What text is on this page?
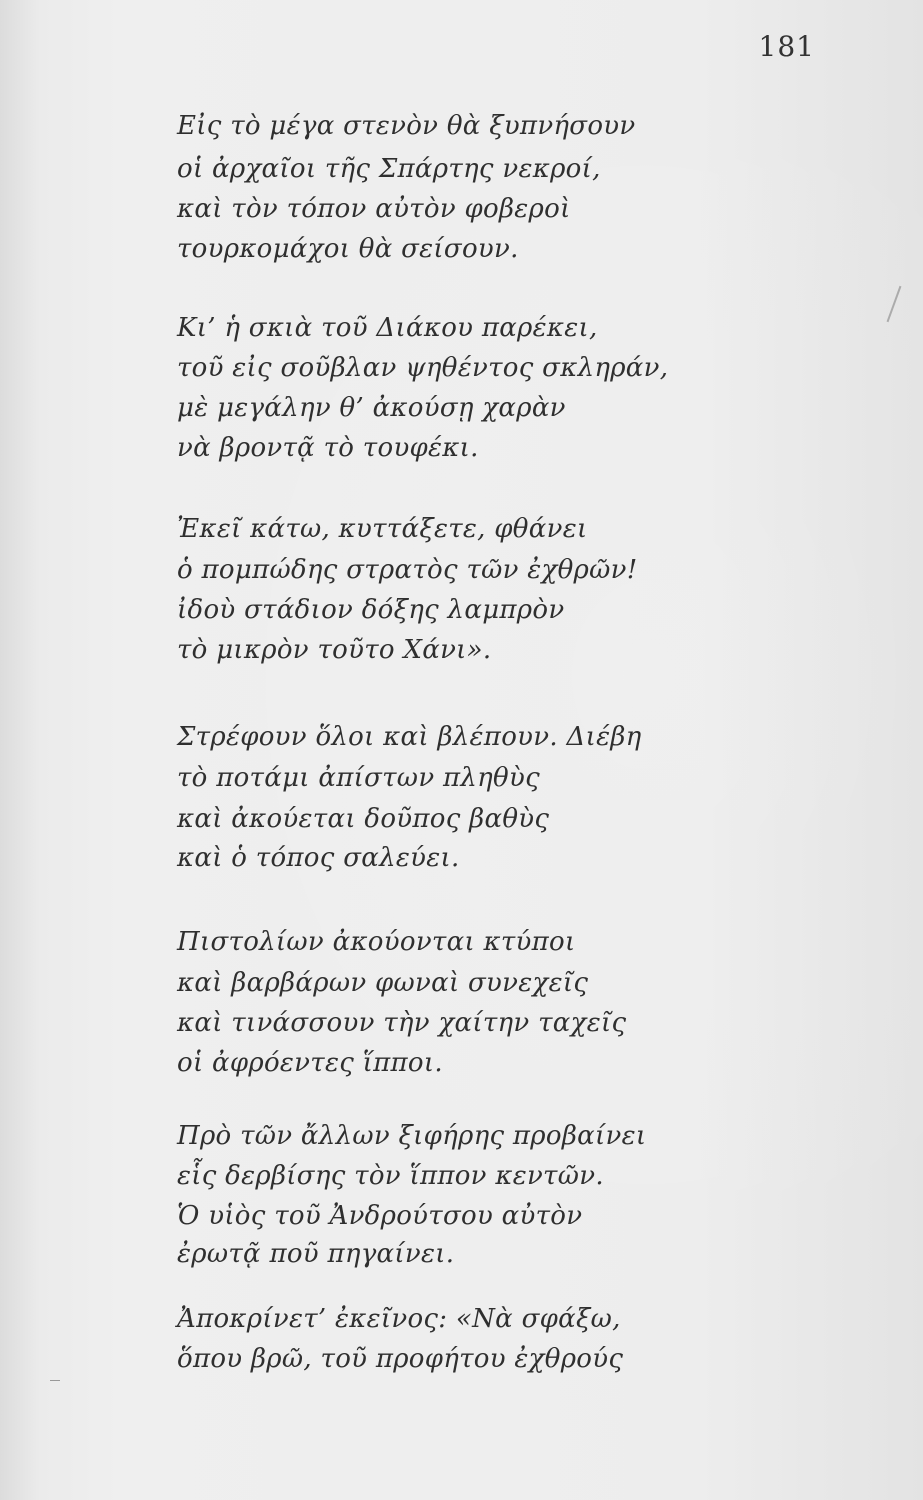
181
Εἰς τὸ μέγα στενὸν θὰ ξυπνήσουν
οἱ ἀρχαῖοι τῆς Σπάρτης νεκροί,
καὶ τὸν τόπον αὐτὸν φοβεροὶ
τουρκομάχοι θὰ σείσουν.
Κι’ ἡ σκιὰ τοῦ Διάκου παρέκει,
τοῦ εἰς σοῦβλαν ψηθέντος σκληράν,
μὲ μεγάλην θ’ ἀκούσῃ χαρὰν
νὰ βροντᾷ τὸ τουφέκι.
Ἐκεῖ κάτω, κυττάξετε, φθάνει
ὁ πομπώδης στρατὸς τῶν ἐχθρῶν!
ἰδοὺ στάδιον δόξης λαμπρὸν
τὸ μικρὸν τοῦτο Χάνι».
Στρέφουν ὅλοι καὶ βλέπουν. Διέβη
τὸ ποτάμι ἀπίστων πληθὺς
καὶ ἀκούεται δοῦπος βαθὺς
καὶ ὁ τόπος σαλεύει.
Πιστολίων ἀκούονται κτύποι
καὶ βαρβάρων φωναὶ συνεχεῖς
καὶ τινάσσουν τὴν χαίτην ταχεῖς
οἱ ἀφρόεντες ἵπποι.
Πρὸ τῶν ἄλλων ξιφήρης προβαίνει
εἷς δερβίσης τὸν ἵππον κεντῶν.
Ὁ υἱὸς τοῦ Ἀνδρούτσου αὐτὸν
ἐρωτᾷ ποῦ πηγαίνει.
Ἀποκρίνετ’ ἐκεῖνος: «Νὰ σφάξω,
ὅπου βρῶ, τοῦ προφήτου ἐχθρούς
